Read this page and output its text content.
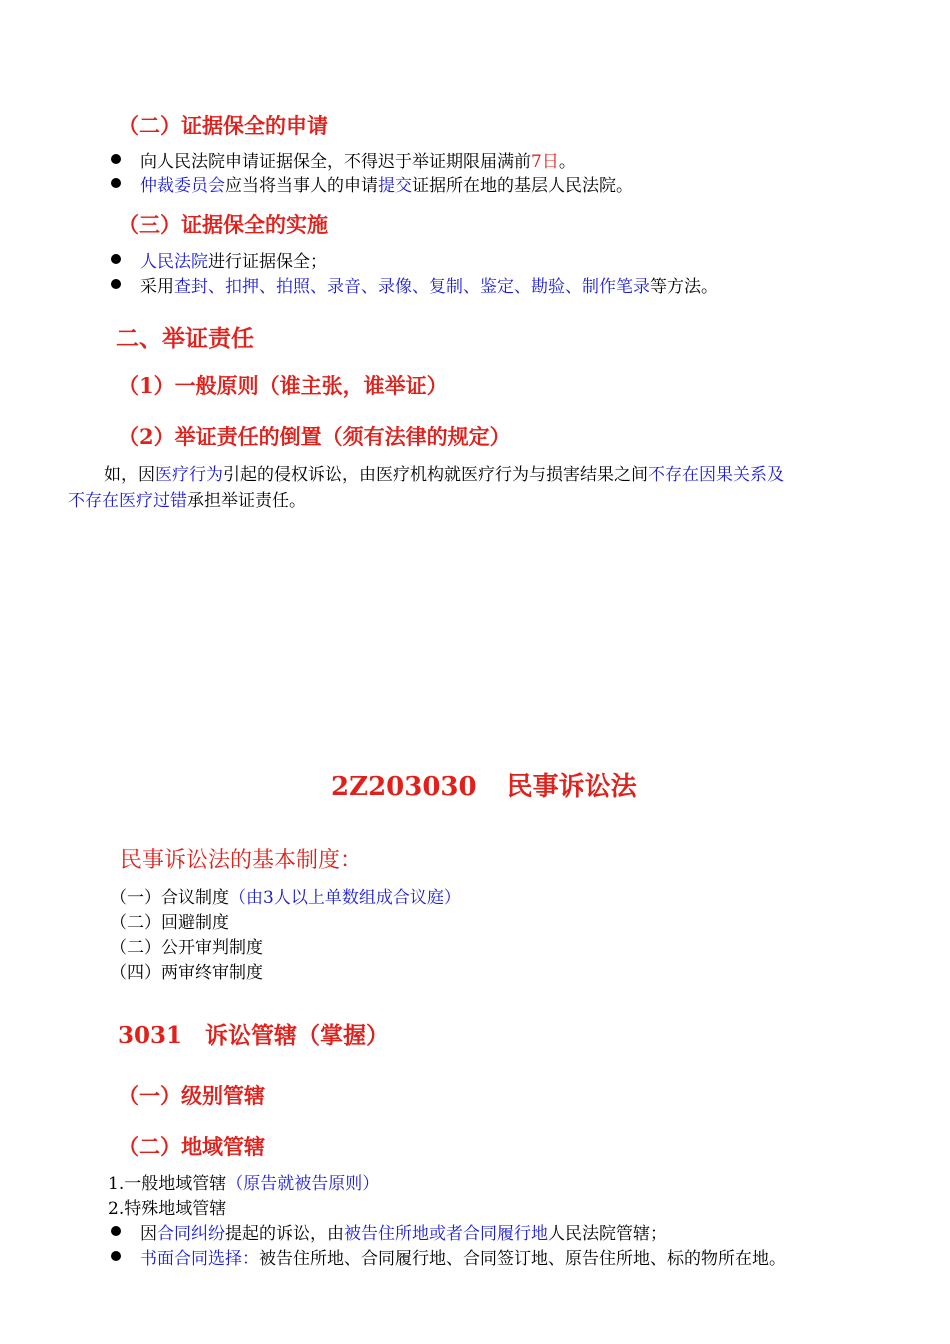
（二）证据保全的申请
向人民法院申请证据保全，不得迟于举证期限届满前7日。
仲裁委员会应当将当事人的申请提交证据所在地的基层人民法院。
（三）证据保全的实施
人民法院进行证据保全；
采用查封、扣押、拍照、录音、录像、复制、鉴定、勘验、制作笔录等方法。
二、举证责任
（1）一般原则（谁主张，谁举证）
（2）举证责任的倒置（须有法律的规定）
如，因医疗行为引起的侵权诉讼，由医疗机构就医疗行为与损害结果之间不存在因果关系及
不存在医疗过错承担举证责任。
2Z203030 民事诉讼法
民事诉讼法的基本制度：
（一）合议制度（由3人以上单数组成合议庭）
（二）回避制度
（二）公开审判制度
（四）两审终审制度
3031　诉讼管辖（掌握）
（一）级别管辖
（二）地域管辖
1.一般地域管辖（原告就被告原则）
2.特殊地域管辖
因合同纠纷提起的诉讼，由被告住所地或者合同履行地人民法院管辖；
书面合同选择：被告住所地、合同履行地、合同签订地、原告住所地、标的物所在地。
